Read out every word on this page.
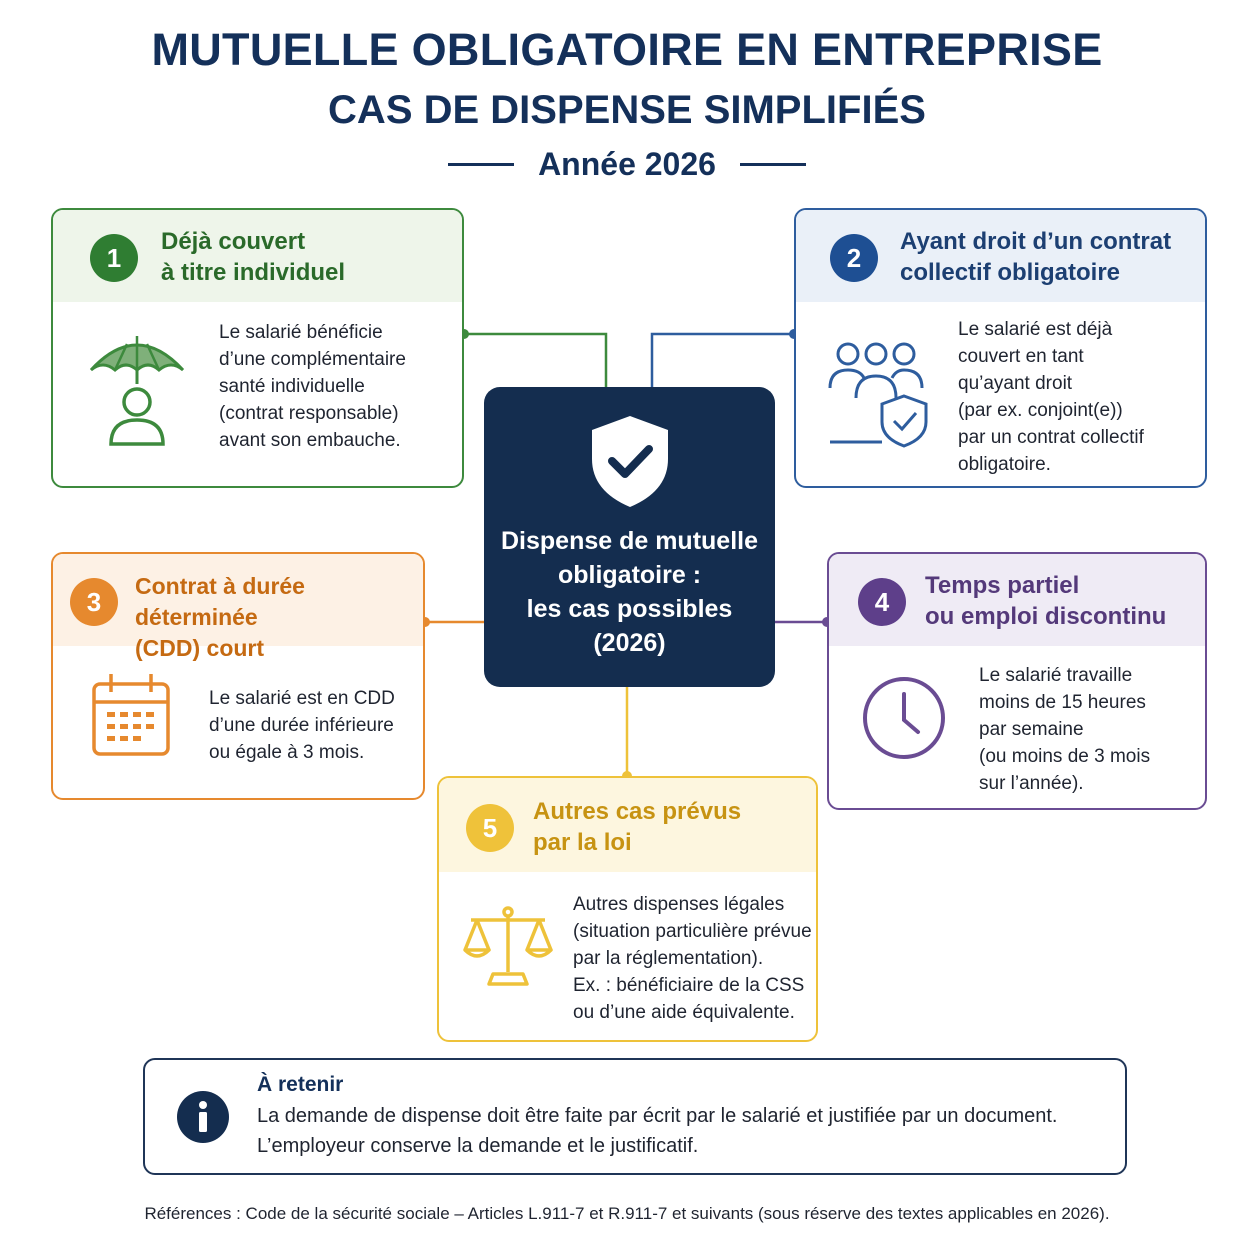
MUTUELLE OBLIGATOIRE EN ENTREPRISE
CAS DE DISPENSE SIMPLIFIÉS
Année 2026
1
Déjà couvert
à titre individuel
Le salarié bénéficie
d’une complémentaire
santé individuelle
(contrat responsable)
avant son embauche.
2
Ayant droit d’un contrat
collectif obligatoire
Le salarié est déjà
couvert en tant
qu’ayant droit
(par ex. conjoint(e))
par un contrat collectif
obligatoire.
3
Contrat à durée déterminée
(CDD) court
Le salarié est en CDD
d’une durée inférieure
ou égale à 3 mois.
4
Temps partiel
ou emploi discontinu
Le salarié travaille
moins de 15 heures
par semaine
(ou moins de 3 mois
sur l’année).
5
Autres cas prévus
par la loi
Autres dispenses légales
(situation particulière prévue
par la réglementation).
Ex. : bénéficiaire de la CSS
ou d’une aide équivalente.
Dispense de mutuelle
obligatoire :
les cas possibles
(2026)
À retenir
La demande de dispense doit être faite par écrit par le salarié et justifiée par un document.
L’employeur conserve la demande et le justificatif.
Références : Code de la sécurité sociale – Articles L.911-7 et R.911-7 et suivants (sous réserve des textes applicables en 2026).
